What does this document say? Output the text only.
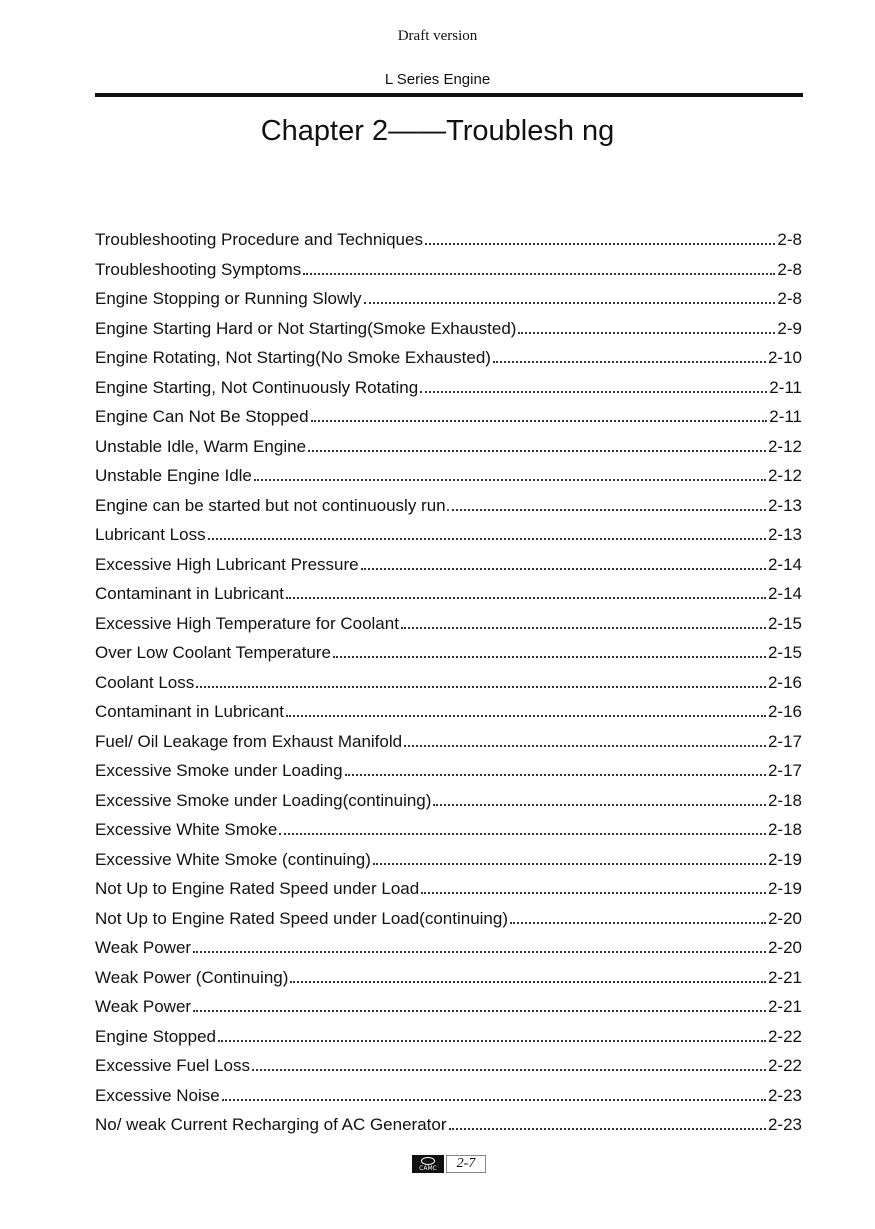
Draft version
L Series Engine
Chapter 2——Troublesh ng
Troubleshooting Procedure and Techniques	2-8
Troubleshooting Symptoms	2-8
Engine Stopping or Running Slowly	2-8
Engine Starting Hard or Not Starting(Smoke Exhausted)	2-9
Engine Rotating, Not Starting(No Smoke Exhausted)	2-10
Engine Starting, Not Continuously Rotating	2-11
Engine Can Not Be Stopped	2-11
Unstable Idle, Warm Engine	2-12
Unstable Engine Idle	2-12
Engine can be started but not continuously run.	2-13
Lubricant Loss	2-13
Excessive High Lubricant Pressure	2-14
Contaminant in Lubricant	2-14
Excessive High Temperature for Coolant	2-15
Over Low Coolant Temperature	2-15
Coolant Loss	2-16
Contaminant in Lubricant	2-16
Fuel/ Oil Leakage from Exhaust Manifold	2-17
Excessive Smoke under Loading	2-17
Excessive Smoke under Loading(continuing)	2-18
Excessive White Smoke	2-18
Excessive White Smoke (continuing)	2-19
Not Up to Engine Rated Speed under Load	2-19
Not Up to Engine Rated Speed under Load(continuing)	2-20
Weak Power	2-20
Weak Power (Continuing)	2-21
Weak Power	2-21
Engine Stopped	2-22
Excessive Fuel Loss	2-22
Excessive Noise	2-23
No/ weak Current Recharging of AC Generator	2-23
CAMC	2-7
